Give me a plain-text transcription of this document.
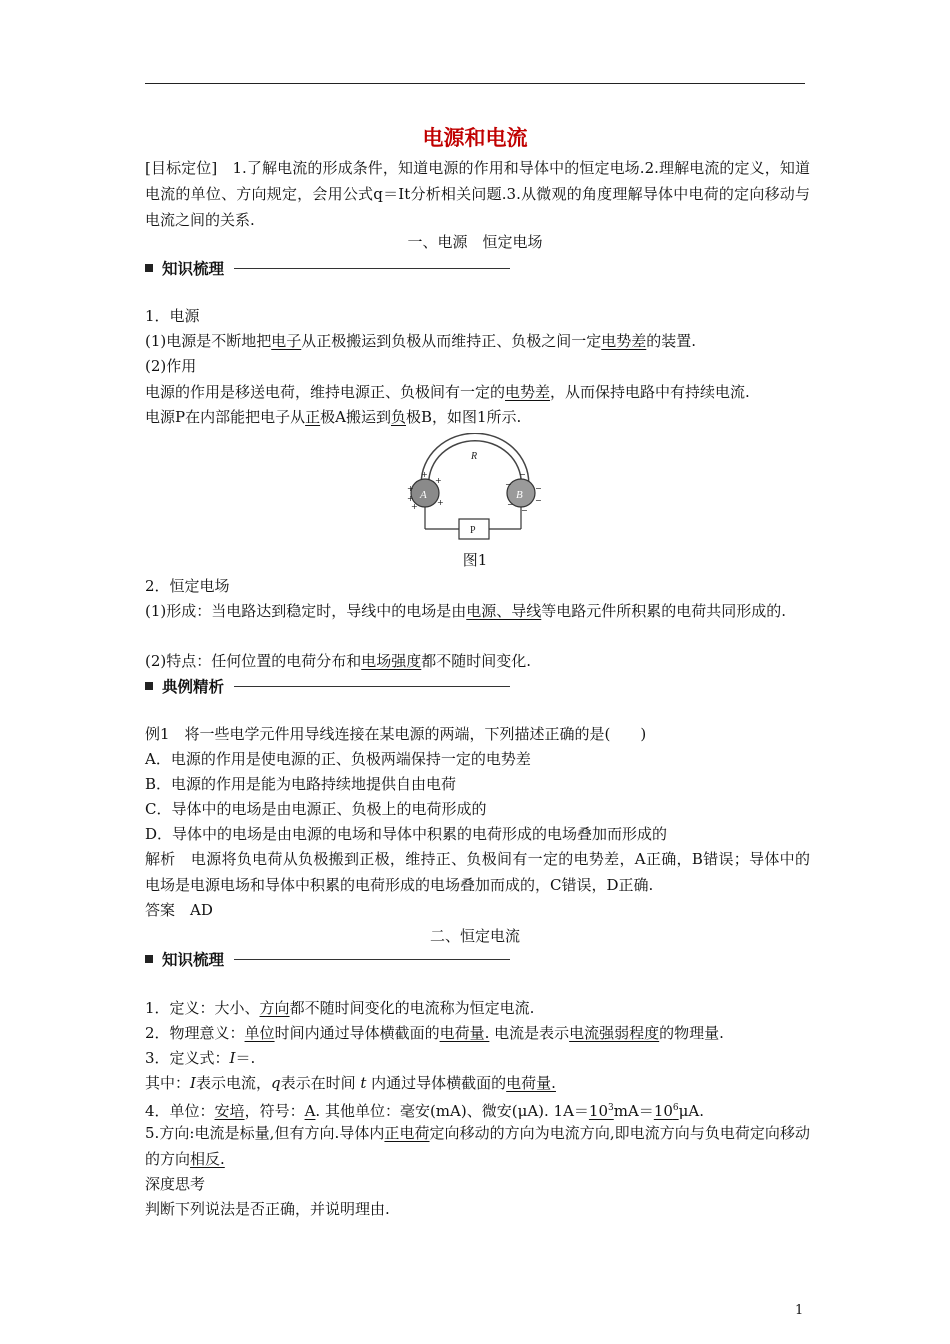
电源和电流
[目标定位]　 1.了解电流的形成条件，知道电源的作用和导体中的恒定电场.2.理解电流的定义，知道电流的单位、方向规定，会用公式q＝It分析相关问题.3.从微观的角度理解导体中电荷的定向移动与电流之间的关系.
一、电源　恒定电场
知识梳理
1．电源
(1)电源是不断地把电子从正极搬运到负极从而维持正、负极之间一定电势差的装置.
(2)作用
电源的作用是移送电荷，维持电源正、负极间有一定的电势差，从而保持电路中有持续电流.
电源P在内部能把电子从正极A搬运到负极B，如图1所示.
A	B
R
+
+
+
+
+
+
−	−
−
−
−
−
P
图1
2．恒定电场
(1)形成：当电路达到稳定时，导线中的电场是由电源、导线等电路元件所积累的电荷共同形成的.
(2)特点：任何位置的电荷分布和电场强度都不随时间变化.
典例精析
例1　将一些电学元件用导线连接在某电源的两端，下列描述正确的是(　　)
A．电源的作用是使电源的正、负极两端保持一定的电势差
B．电源的作用是能为电路持续地提供自由电荷
C．导体中的电场是由电源正、负极上的电荷形成的
D．导体中的电场是由电源的电场和导体中积累的电荷形成的电场叠加而形成的
解析　电源将负电荷从负极搬到正极，维持正、负极间有一定的电势差，A正确，B错误；导体中的电场是电源电场和导体中积累的电荷形成的电场叠加而成的，C错误，D正确.
答案　AD
二、恒定电流
知识梳理
1．定义：大小、方向都不随时间变化的电流称为恒定电流.
2．物理意义：单位时间内通过导体横截面的电荷量. 电流是表示电流强弱程度的物理量.
3．定义式：I＝.
其中：I表示电流，q表示在时间 t 内通过导体横截面的电荷量.
4．单位：安培，符号：A. 其他单位：毫安(mA)、微安(μA). $1A=10^3mA=10^6\mu A$.
5.方向:电流是标量,但有方向.导体内正电荷定向移动的方向为电流方向,即电流方向与负电荷定向移动的方向相反.
深度思考
判断下列说法是否正确，并说明理由.
1
